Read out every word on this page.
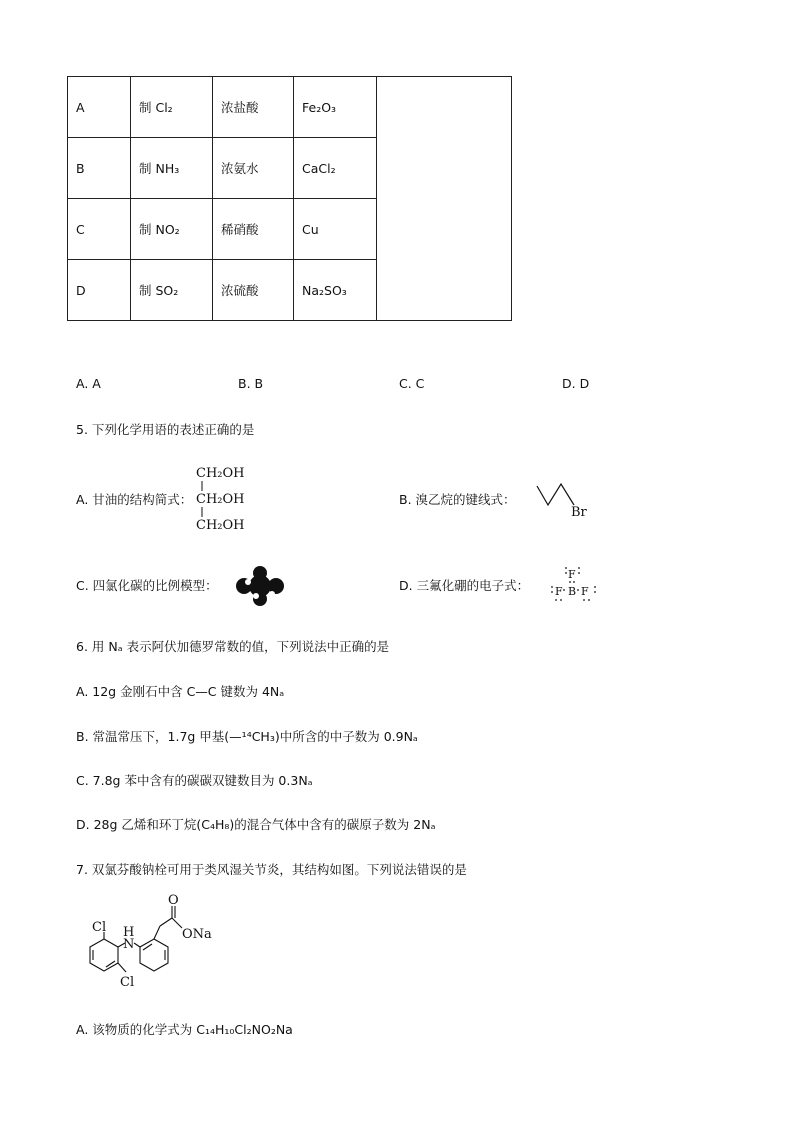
A	制 Cl₂	浓盐酸	Fe₂O₃	
B	制 NH₃	浓氨水	CaCl₂	
C	制 NO₂	稀硝酸	Cu	
D	制 SO₂	浓硫酸	Na₂SO₃	
A. A	B. B	C. C	D. D
5. 下列化学用语的表述正确的是
A. 甘油的结构简式：
CH₂OH
CH₂OH
CH₂OH
B. 溴乙烷的键线式：
Br
C. 四氯化碳的比例模型：	D. 三氟化硼的电子式：
F
F B F
6. 用 Nₐ 表示阿伏加德罗常数的值，下列说法中正确的是
A. 12g 金刚石中含 C—C 键数为 4Nₐ
B. 常温常压下，1.7g 甲基(—¹⁴CH₃)中所含的中子数为 0.9Nₐ
C. 7.8g 苯中含有的碳碳双键数目为 0.3Nₐ
D. 28g 乙烯和环丁烷(C₄H₈)的混合气体中含有的碳原子数为 2Nₐ
7. 双氯芬酸钠栓可用于类风湿关节炎，其结构如图。下列说法错误的是
O
ONa
H
N
Cl
Cl
A. 该物质的化学式为 C₁₄H₁₀Cl₂NO₂Na
